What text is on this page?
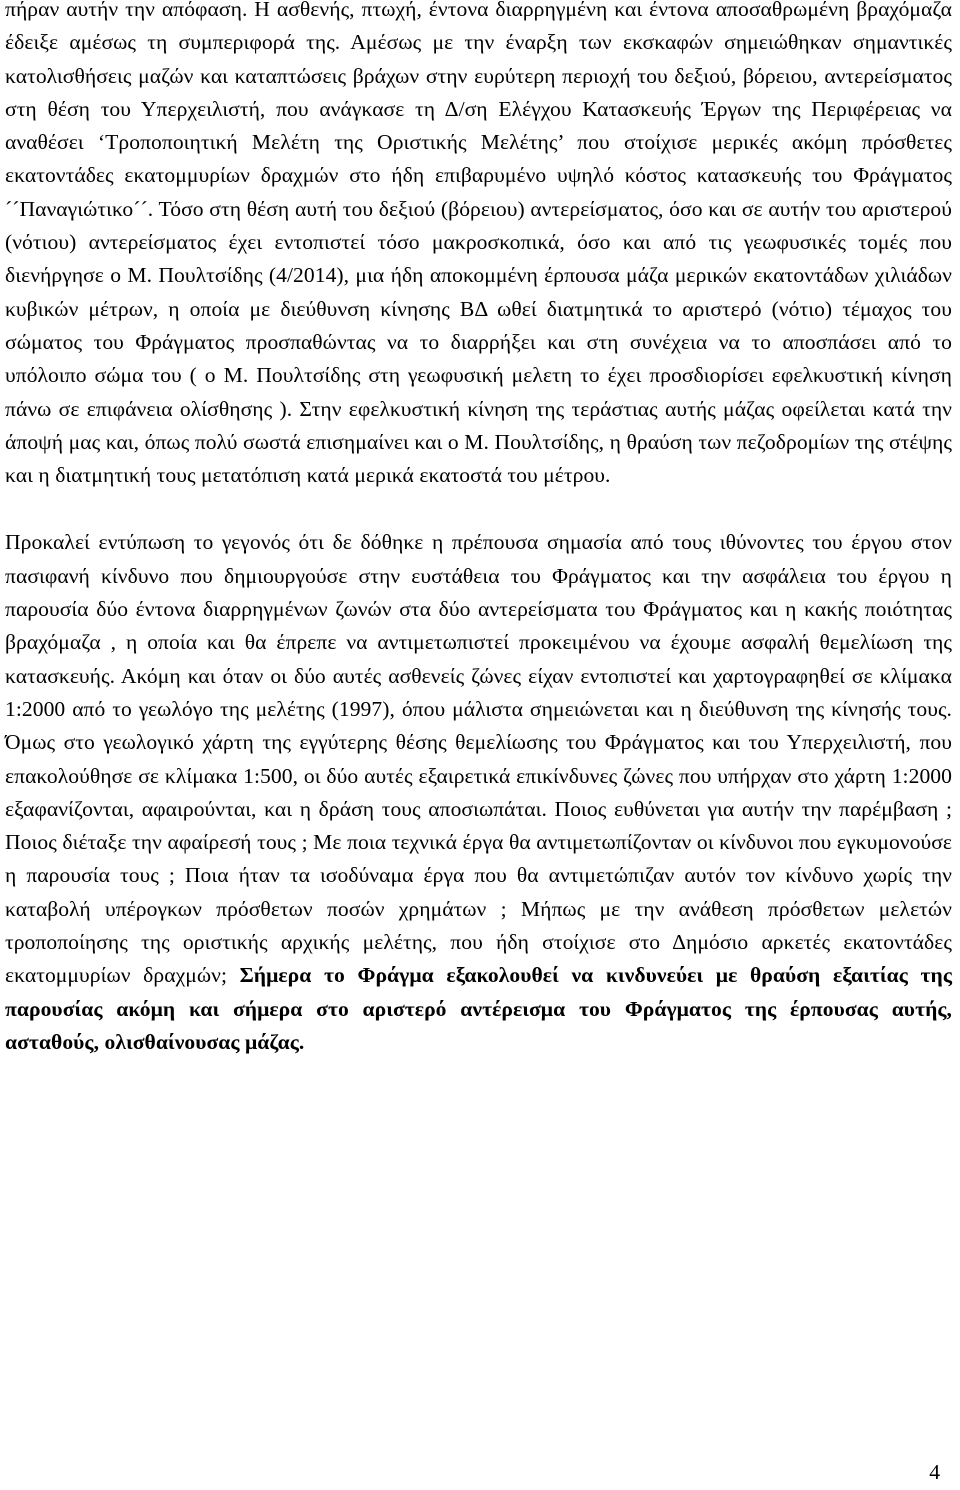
πήραν αυτήν την απόφαση. Η ασθενής, πτωχή, έντονα διαρρηγμένη και έντονα αποσαθρωμένη βραχόμαζα έδειξε αμέσως τη συμπεριφορά της. Αμέσως με την έναρξη των εκσκαφών σημειώθηκαν σημαντικές κατολισθήσεις μαζών και καταπτώσεις βράχων στην ευρύτερη περιοχή του δεξιού, βόρειου, αντερείσματος στη θέση του Υπερχειλιστή, που ανάγκασε τη Δ/ση Ελέγχου Κατασκευής Έργων της Περιφέρειας να αναθέσει ‘Τροποποιητική Μελέτη της Οριστικής Μελέτης’ που στοίχισε μερικές ακόμη πρόσθετες εκατοντάδες εκατομμυρίων δραχμών στο ήδη επιβαρυμένο υψηλό κόστος κατασκευής του Φράγματος ´´Παναγιώτικο´´. Τόσο στη θέση αυτή του δεξιού (βόρειου) αντερείσματος, όσο και σε αυτήν του αριστερού (νότιου) αντερείσματος έχει εντοπιστεί τόσο μακροσκοπικά, όσο και από τις γεωφυσικές τομές που διενήργησε ο Μ. Πουλτσίδης (4/2014), μια ήδη αποκομμένη έρπουσα μάζα μερικών εκατοντάδων χιλιάδων κυβικών μέτρων, η οποία με διεύθυνση κίνησης ΒΔ ωθεί διατμητικά το αριστερό (νότιο) τέμαχος του σώματος του Φράγματος προσπαθώντας να το διαρρήξει και στη συνέχεια να το αποσπάσει από το υπόλοιπο σώμα του ( ο Μ. Πουλτσίδης στη γεωφυσική μελετη το έχει προσδιορίσει εφελκυστική κίνηση πάνω σε επιφάνεια ολίσθησης ). Στην εφελκυστική κίνηση της τεράστιας αυτής μάζας οφείλεται κατά την άποψή μας και, όπως πολύ σωστά επισημαίνει και ο Μ. Πουλτσίδης, η θραύση των πεζοδρομίων της στέψης και η διατμητική τους μετατόπιση κατά μερικά εκατοστά του μέτρου.

Προκαλεί εντύπωση το γεγονός ότι δε δόθηκε η πρέπουσα σημασία από τους ιθύνοντες του έργου στον πασιφανή κίνδυνο που δημιουργούσε στην ευστάθεια του Φράγματος και την ασφάλεια του έργου η παρουσία δύο έντονα διαρρηγμένων ζωνών στα δύο αντερείσματα του Φράγματος και η κακής ποιότητας βραχόμαζα , η οποία και θα έπρεπε να αντιμετωπιστεί προκειμένου να έχουμε ασφαλή θεμελίωση της κατασκευής. Ακόμη και όταν οι δύο αυτές ασθενείς ζώνες είχαν εντοπιστεί και χαρτογραφηθεί σε κλίμακα 1:2000 από το γεωλόγο της μελέτης (1997), όπου μάλιστα σημειώνεται και η διεύθυνση της κίνησής τους. Όμως στο γεωλογικό χάρτη της εγγύτερης θέσης θεμελίωσης του Φράγματος και του Υπερχειλιστή, που επακολούθησε σε κλίμακα 1:500, οι δύο αυτές εξαιρετικά επικίνδυνες ζώνες που υπήρχαν στο χάρτη 1:2000 εξαφανίζονται, αφαιρούνται, και η δράση τους αποσιωπάται. Ποιος ευθύνεται για αυτήν την παρέμβαση ; Ποιος διέταξε την αφαίρεσή τους ; Με ποια τεχνικά έργα θα αντιμετωπίζονταν οι κίνδυνοι που εγκυμονούσε η παρουσία τους ; Ποια ήταν τα ισοδύναμα έργα που θα αντιμετώπιζαν αυτόν τον κίνδυνο χωρίς την καταβολή υπέρογκων πρόσθετων ποσών χρημάτων ; Μήπως με την ανάθεση πρόσθετων μελετών τροποποίησης της οριστικής αρχικής μελέτης, που ήδη στοίχισε στο Δημόσιο αρκετές εκατοντάδες εκατομμυρίων δραχμών; Σήμερα το Φράγμα εξακολουθεί να κινδυνεύει με θραύση εξαιτίας της παρουσίας ακόμη και σήμερα στο αριστερό αντέρεισμα του Φράγματος της έρπουσας αυτής, ασταθούς, ολισθαίνουσας μάζας.

4
